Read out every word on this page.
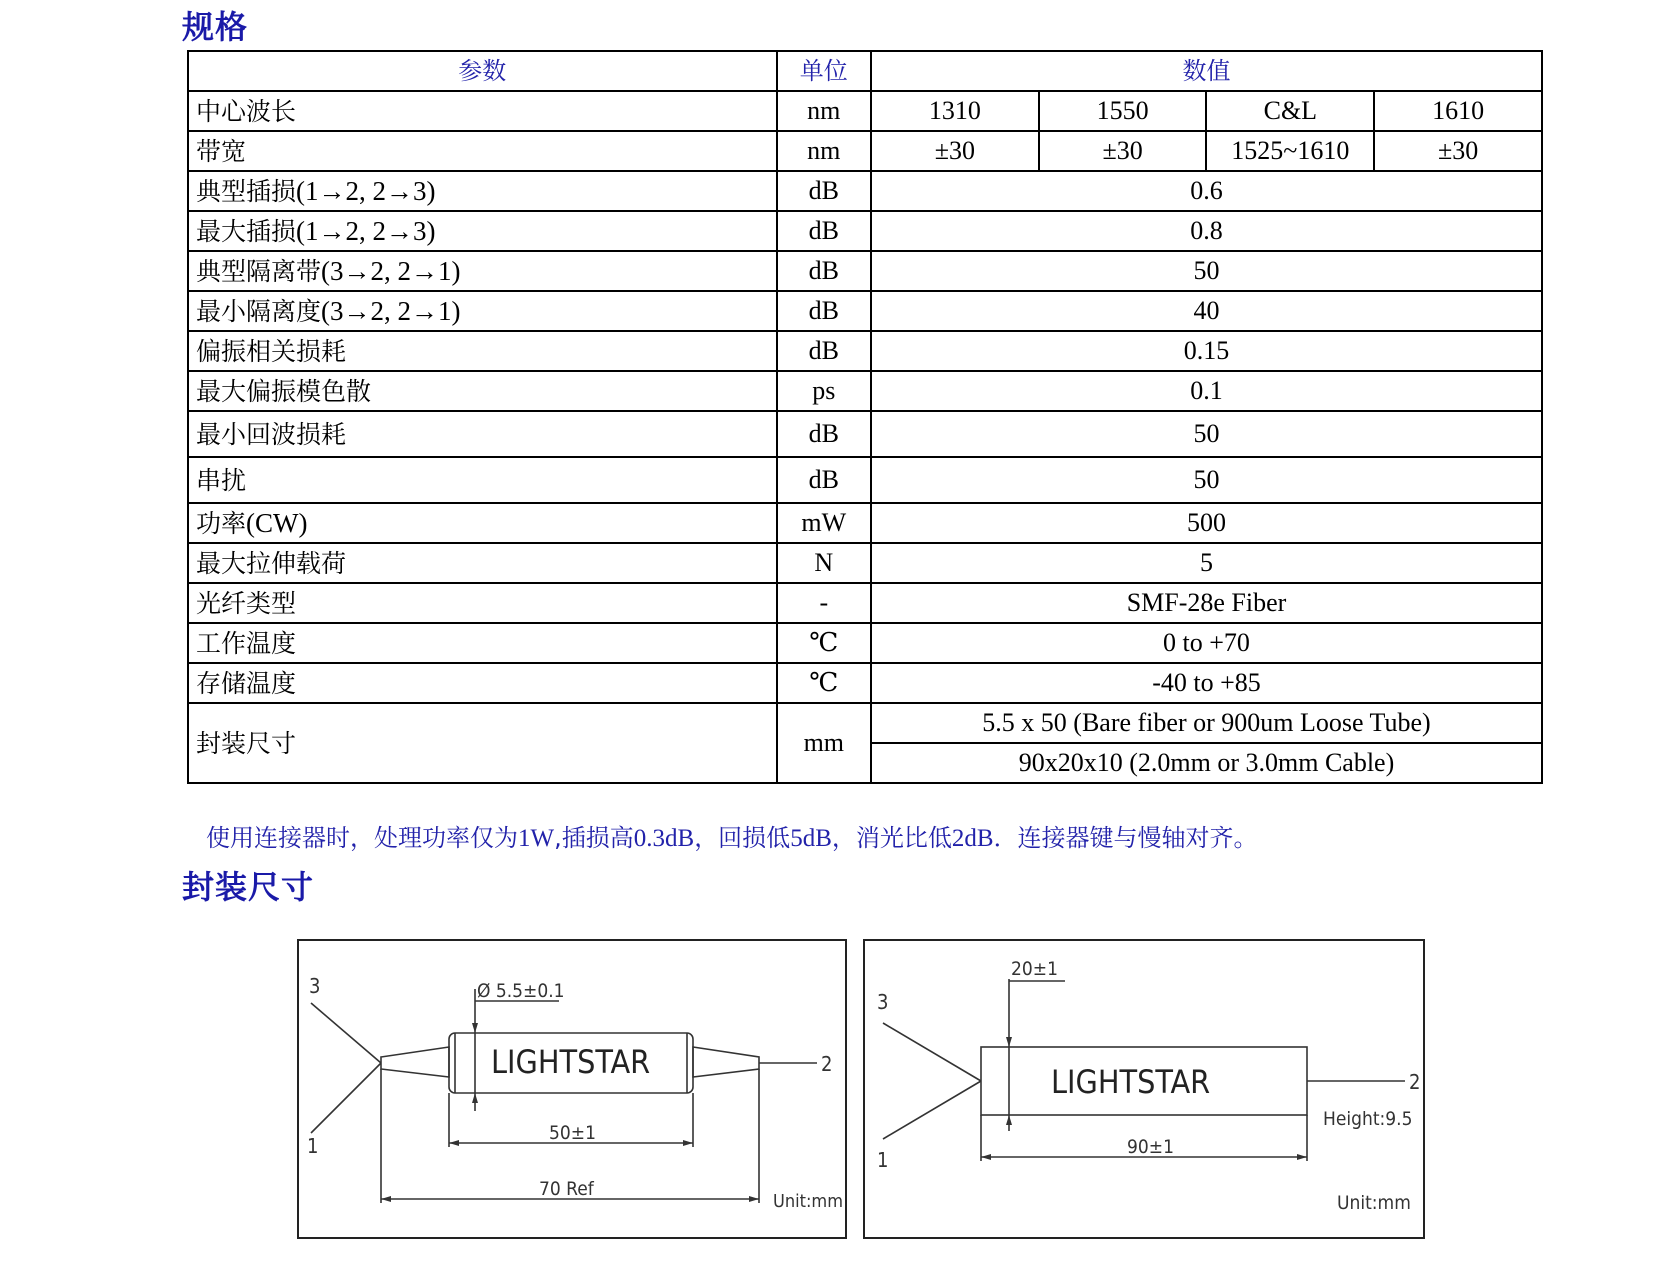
规格
参数	单位	数值			
中心波长	nm	1310	1550	C&L	1610
带宽	nm	±30	±30	1525~1610	±30
典型插损(1→2, 2→3)	dB	0.6			
最大插损(1→2, 2→3)	dB	0.8			
典型隔离带(3→2, 2→1)	dB	50			
最小隔离度(3→2, 2→1)	dB	40			
偏振相关损耗	dB	0.15			
最大偏振模色散	ps	0.1			
最小回波损耗	dB	50			
串扰	dB	50			
功率(CW)	mW	500			
最大拉伸载荷	N	5			
光纤类型	-	SMF-28e Fiber			
工作温度	℃	0 to +70			
存储温度	℃	-40 to +85			
封装尺寸	mm	5.5 x 50 (Bare fiber or 900um Loose Tube)			
		90x20x10 (2.0mm or 3.0mm Cable)			
使用连接器时，处理功率仅为1W,插损高0.3dB，回损低5dB，消光比低2dB．连接器键与慢轴对齐。
封装尺寸
3
1
2
Ø 5.5±0.1
LIGHTSTAR
50±1
70 Ref
Unit:mm
3
1
2
20±1
LIGHTSTAR
Height:9.5
90±1
Unit:mm
